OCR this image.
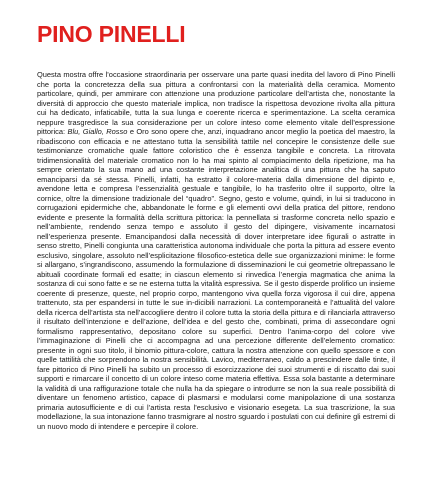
PINO PINELLI

Questa mostra offre l’occasione straordinaria per osservare una parte quasi inedita del lavoro di Pino Pinelli che porta la concretezza della sua pittura a confrontarsi con la materialità della ceramica. Momento particolare, quindi, per ammirare con attenzione una produzione particolare dell’artista che, nonostante la diversità di approccio che questo materiale implica, non tradisce la rispettosa devozione rivolta alla pittura cui ha dedicato, infaticabile, tutta la sua lunga e coerente ricerca e sperimentazione. La scelta ceramica neppure trasgredisce la sua considerazione per un colore inteso come elemento vitale dell’espressione pittorica: Blu, Giallo, Rosso e Oro sono opere che, anzi, inquadrano ancor meglio la poetica del maestro, la ribadiscono con efficacia e ne attestano tutta la sensibilità tattile nel concepire le consistenze delle sue testimonianze cromatiche quale fattore coloristico che è essenza tangibile e concreta. La ritrovata tridimensionalità del materiale cromatico non lo ha mai spinto al compiacimento della ripetizione, ma ha sempre orientato la sua mano ad una costante interpretazione analitica di una pittura che ha saputo emanciparsi da sé stessa. Pinelli, infatti, ha estratto il colore-materia dalla dimensione del dipinto e, avendone letta e compresa l’essenzialità gestuale e tangibile, lo ha trasferito oltre il supporto, oltre la cornice, oltre la dimensione tradizionale del “quadro”. Segno, gesto e volume, quindi, in lui si traducono in corrugazioni epidermiche che, abbandonate le forme e gli elementi ovvi della pratica del pittore, rendono evidente e presente la formalità della scrittura pittorica: la pennellata si trasforme concreta nello spazio e nell’ambiente, rendendo senza tempo e assoluto il gesto del dipingere, visivamente incarnatosi nell’esperienza presente. Emancipandosi dalla necessità di dover interpretare idee figurali o astratte in senso stretto, Pinelli congiunta una caratteristica autonoma individuale che porta la pittura ad essere evento esclusivo, singolare, assoluto nell’esplicitazione filosofico-estetica delle sue organizzazioni minime: le forme si allargano, s’ingrandiscono, assumendo la formulazione di disseminazioni le cui geometrie oltrepassano le abituali coordinate formali ed esatte; in ciascun elemento si rinvedica l’energia magmatica che anima la sostanza di cui sono fatte e se ne esterna tutta la vitalità espressiva. Se il gesto disperde prolifico un insieme coerente di presenze, queste, nel proprio corpo, mantengono viva quella forza vigorosa il cui dire, appena trattenuto, sta per espandersi in tutte le sue in-dicibili narrazioni. La contemporaneità e l’attualità del valore della ricerca dell’artista sta nell’accogliere dentro il colore tutta la storia della pittura e di rilanciarla attraverso il risultato dell’intenzione e dell’azione, dell’idea e del gesto che, combinati, prima di assecondare ogni formalismo rappresentativo, depositano colore su superfici. Dentro l’anima-corpo del colore vive l’immaginazione di Pinelli che ci accompagna ad una percezione differente dell’elemento cromatico: presente in ogni suo titolo, il binomio pittura-colore, cattura la nostra attenzione con quello spessore e con quelle tattilità che sorprendono la nostra sensibilità. Lavico, mediterraneo, caldo a prescindere dalle tinte, il fare pittorico di Pino Pinelli ha subito un processo di esorcizzazione dei suoi strumenti e di riscatto dai suoi supporti e rimarcare il concetto di un colore inteso come materia effettiva. Essa sola bastante a determinare la validità di una raffigurazione totale che nulla ha da spiegare o introdurre se non la sua reale possibilità di diventare un fenomeno artistico, capace di plasmarsi e modularsi come manipolazione di una sostanza primaria autosufficiente e di cui l’artista resta l’esclusivo e visionario esegeta. La sua trascrizione, la sua modellazione, la sua intonazione fanno trasmigrare al nostro sguardo i postulati con cui definire gli estremi di un nuovo modo di intendere e percepire il colore.
